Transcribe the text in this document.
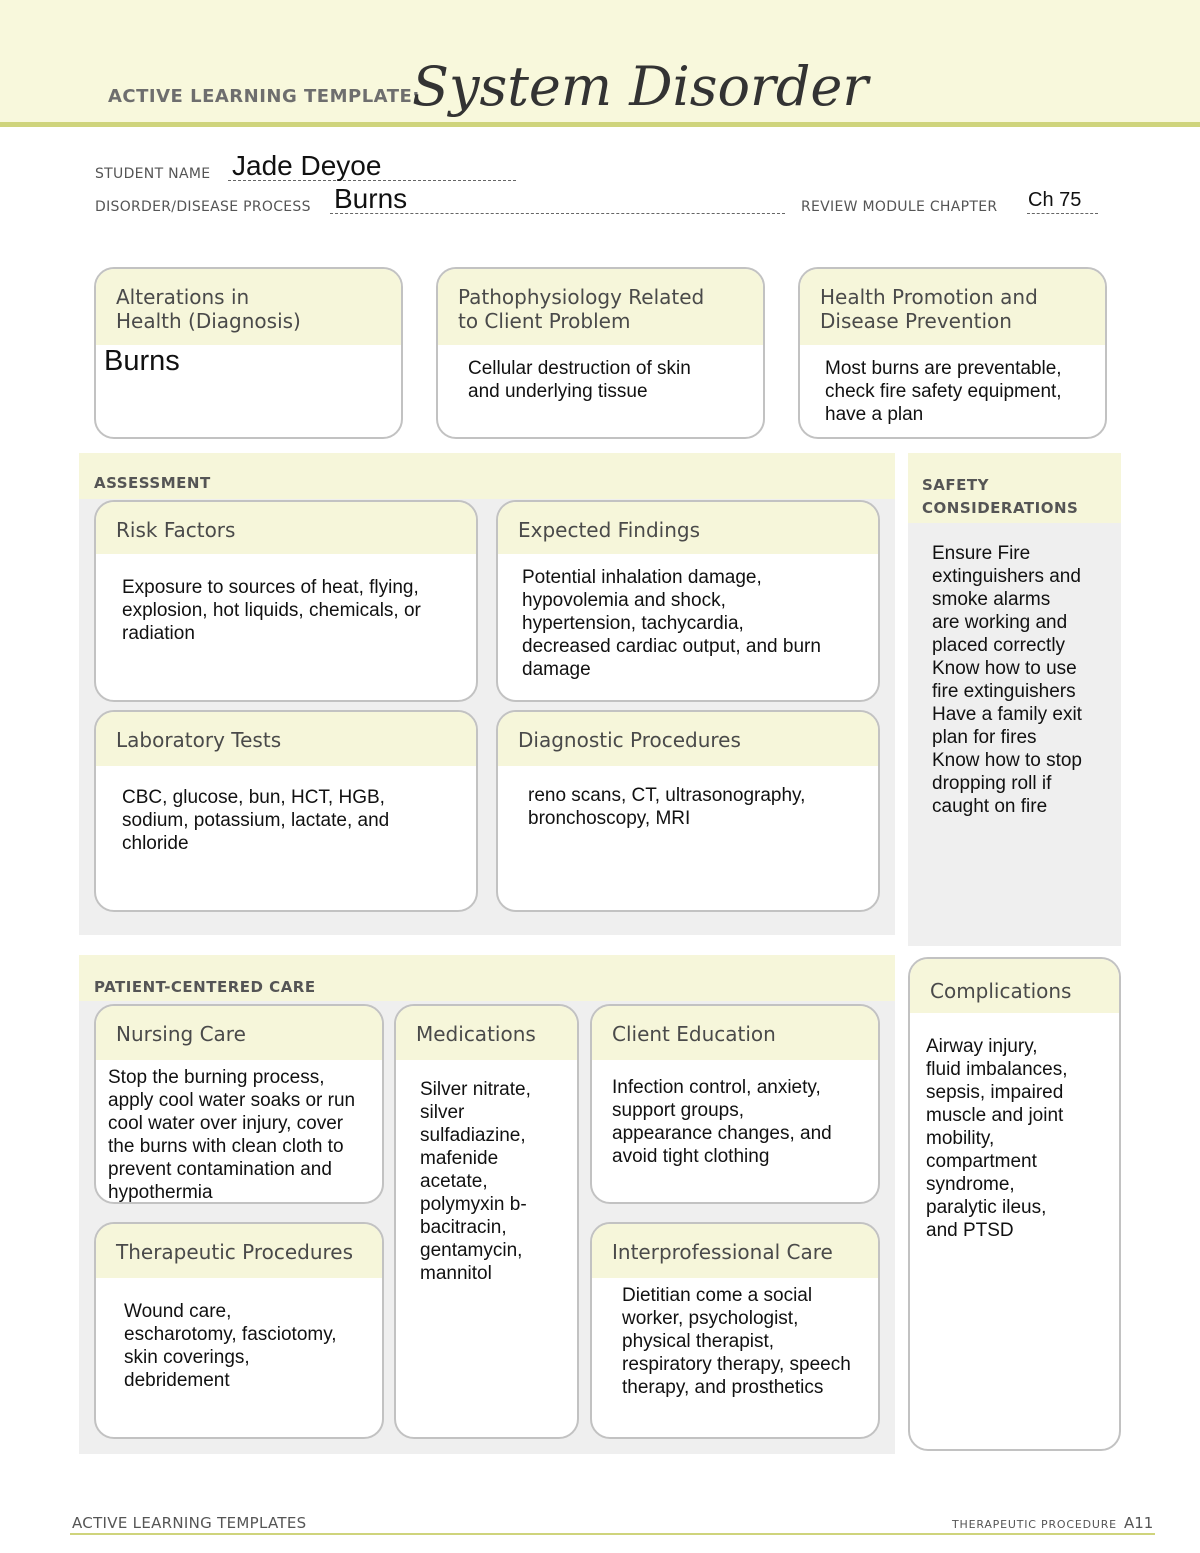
ACTIVE LEARNING TEMPLATE:
System Disorder
STUDENT NAME Jade Deyoe
DISORDER/DISEASE PROCESS Burns	REVIEW MODULE CHAPTER Ch 75
Alterations in
Health (Diagnosis)
Burns
Pathophysiology Related
to Client Problem
Cellular destruction of skin
and underlying tissue
Health Promotion and
Disease Prevention
Most burns are preventable,
check fire safety equipment,
have a plan
ASSESSMENT
Risk Factors
Exposure to sources of heat, flying,
explosion, hot liquids, chemicals, or
radiation
Expected Findings
Potential inhalation damage,
hypovolemia and shock,
hypertension, tachycardia,
decreased cardiac output, and burn
damage
Laboratory Tests
CBC, glucose, bun, HCT, HGB,
sodium, potassium, lactate, and
chloride
Diagnostic Procedures
reno scans, CT, ultrasonography,
bronchoscopy, MRI
SAFETY
CONSIDERATIONS
Ensure Fire
extinguishers and
smoke alarms
are working and
placed correctly
Know how to use
fire extinguishers
Have a family exit
plan for fires
Know how to stop
dropping roll if
caught on fire
PATIENT-CENTERED CARE
Nursing Care
Stop the burning process,
apply cool water soaks or run
cool water over injury, cover
the burns with clean cloth to
prevent contamination and
hypothermia
Medications
Silver nitrate,
silver
sulfadiazine,
mafenide
acetate,
polymyxin b-
bacitracin,
gentamycin,
mannitol
Client Education
Infection control, anxiety,
support groups,
appearance changes, and
avoid tight clothing
Therapeutic Procedures
Wound care,
escharotomy, fasciotomy,
skin coverings,
debridement
Interprofessional Care
Dietitian come a social
worker, psychologist,
physical therapist,
respiratory therapy, speech
therapy, and prosthetics
Complications
Airway injury,
fluid imbalances,
sepsis, impaired
muscle and joint
mobility,
compartment
syndrome,
paralytic ileus,
and PTSD
ACTIVE LEARNING TEMPLATES	THERAPEUTIC PROCEDURE A11
